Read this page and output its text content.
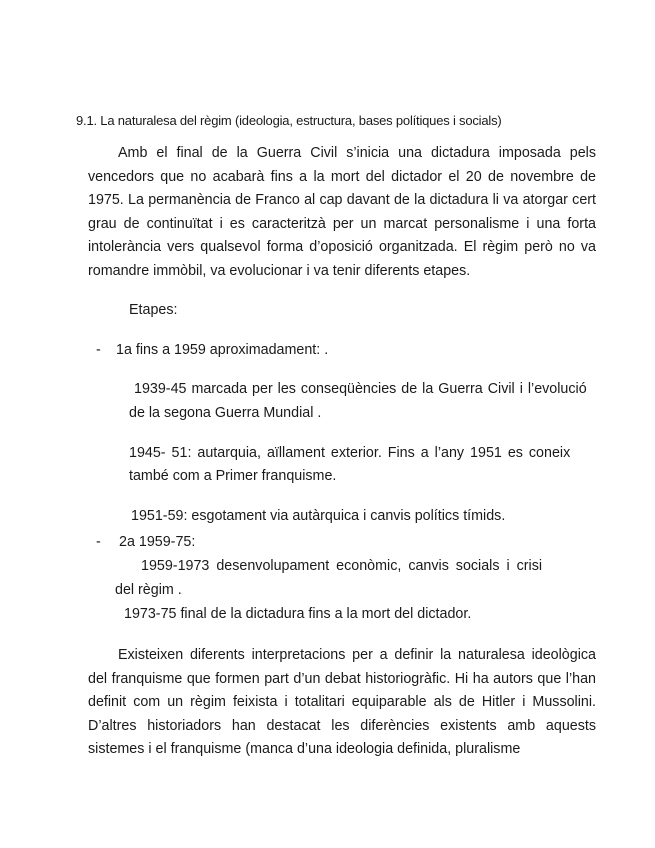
9.1. La naturalesa del règim (ideologia, estructura, bases polítiques i socials)
Amb el final de la Guerra Civil s’inicia una dictadura imposada pels vencedors que no acabarà fins a la mort del dictador el 20 de novembre de 1975. La permanència de Franco al cap davant de la dictadura li va atorgar cert grau de continuïtat i es caracteritzà per un marcat personalisme i una forta intolerància vers qualsevol forma d’oposició organitzada. El règim però no va romandre immòbil, va evolucionar i va tenir diferents etapes.
Etapes:
- 1a fins a 1959 aproximadament: .
1939-45 marcada per les conseqüències de la Guerra Civil i l’evolució
de la segona Guerra Mundial .
1945- 51: autarquia, aïllament exterior. Fins a l’any 1951 es coneix
també com a Primer franquisme.
1951-59: esgotament via autàrquica i canvis polítics tímids.
- 2a 1959-75:
1959-1973 desenvolupament econòmic, canvis socials i crisi
del règim .
1973-75 final de la dictadura fins a la mort del dictador.
Existeixen diferents interpretacions per a definir la naturalesa ideològica del franquisme que formen part d’un debat historiogràfic. Hi ha autors que l’han definit com un règim feixista i totalitari equiparable als de Hitler i Mussolini. D’altres historiadors han destacat les diferències existents amb aquests sistemes i el franquisme (manca d’una ideologia definida, pluralisme
